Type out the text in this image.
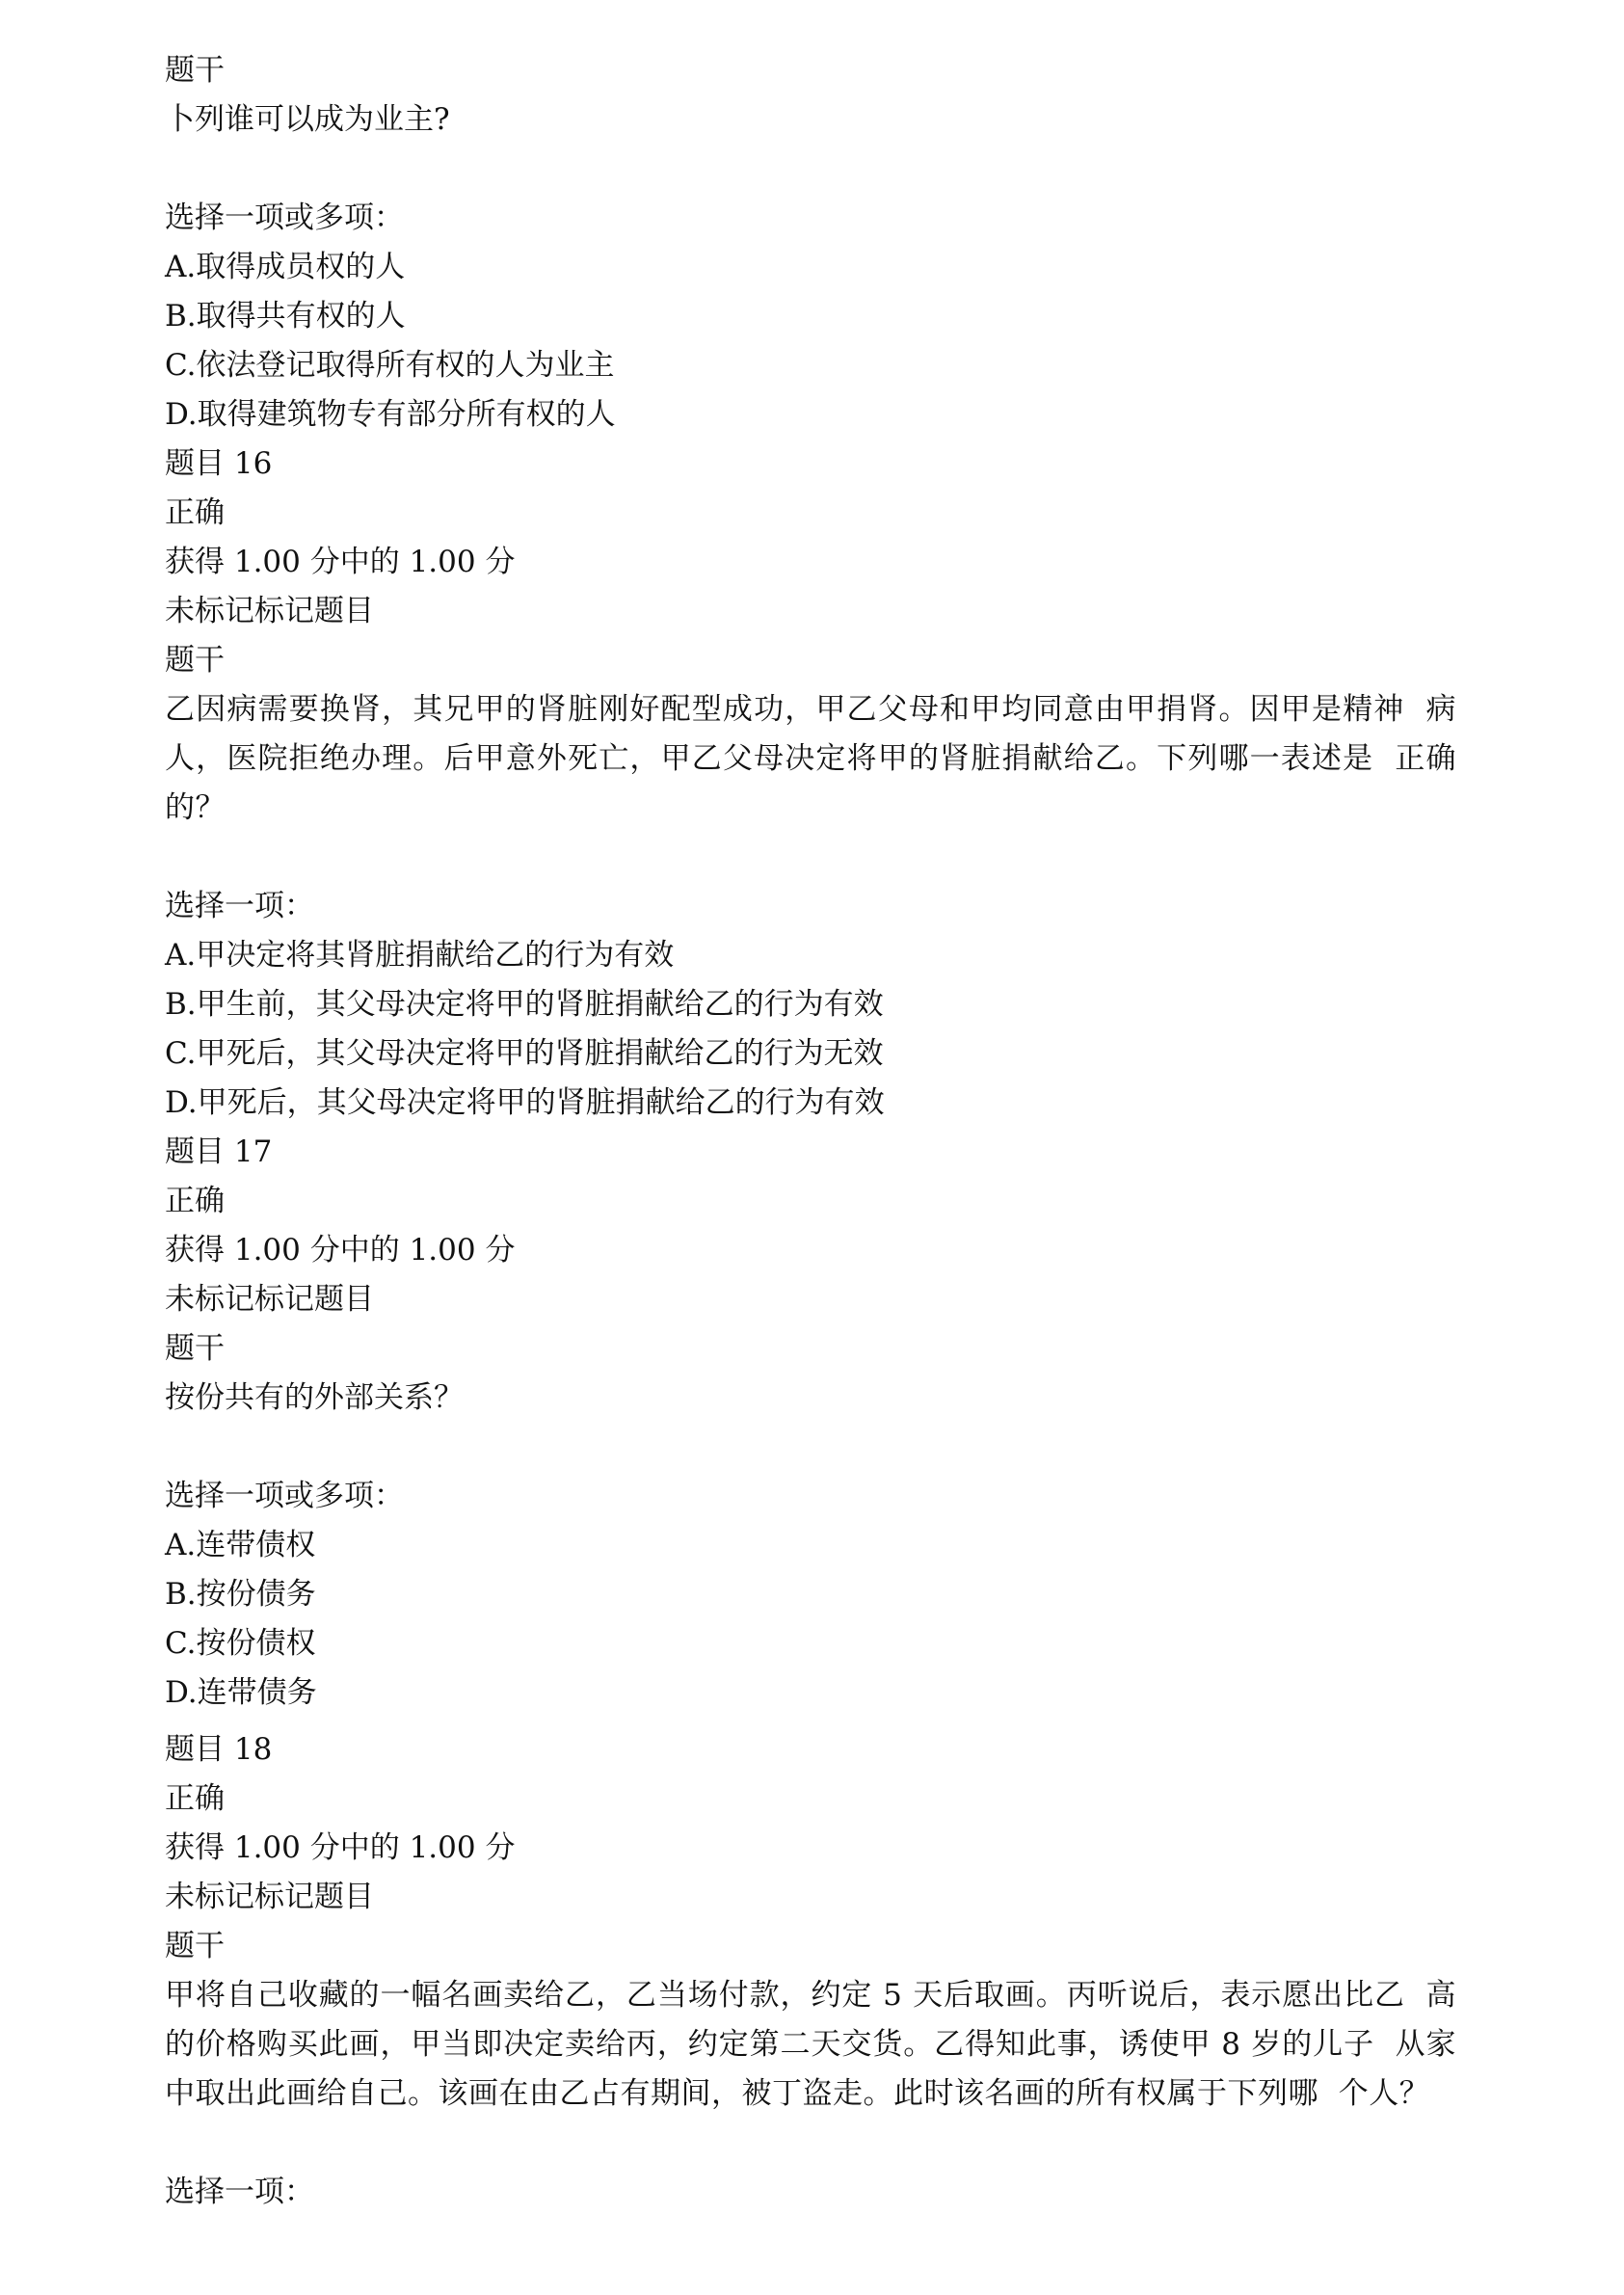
题干
卜列谁可以成为业主?
选择一项或多项：
A.取得成员权的人
B.取得共有权的人
C.依法登记取得所有权的人为业主
D.取得建筑物专有部分所有权的人
题目 16
正确
获得 1.00 分中的 1.00 分
未标记标记题目
题干
乙因病需要换肾，其兄甲的肾脏刚好配型成功，甲乙父母和甲均同意由甲捐肾。因甲是精神  病人，医院拒绝办理。后甲意外死亡，甲乙父母决定将甲的肾脏捐献给乙。下列哪一表述是  正确的？
选择一项：
A.甲决定将其肾脏捐献给乙的行为有效
B.甲生前，其父母决定将甲的肾脏捐献给乙的行为有效
C.甲死后，其父母决定将甲的肾脏捐献给乙的行为无效
D.甲死后，其父母决定将甲的肾脏捐献给乙的行为有效
题目 17
正确
获得 1.00 分中的 1.00 分
未标记标记题目
题干
按份共有的外部关系？
选择一项或多项：
A.连带债权
B.按份债务
C.按份债权
D.连带债务
题目 18
正确
获得 1.00 分中的 1.00 分
未标记标记题目
题干
甲将自己收藏的一幅名画卖给乙，乙当场付款，约定 5 天后取画。丙听说后，表示愿出比乙  高的价格购买此画，甲当即决定卖给丙，约定第二天交货。乙得知此事，诱使甲 8 岁的儿子  从家中取出此画给自己。该画在由乙占有期间，被丁盗走。此时该名画的所有权属于下列哪  个人？
选择一项：
